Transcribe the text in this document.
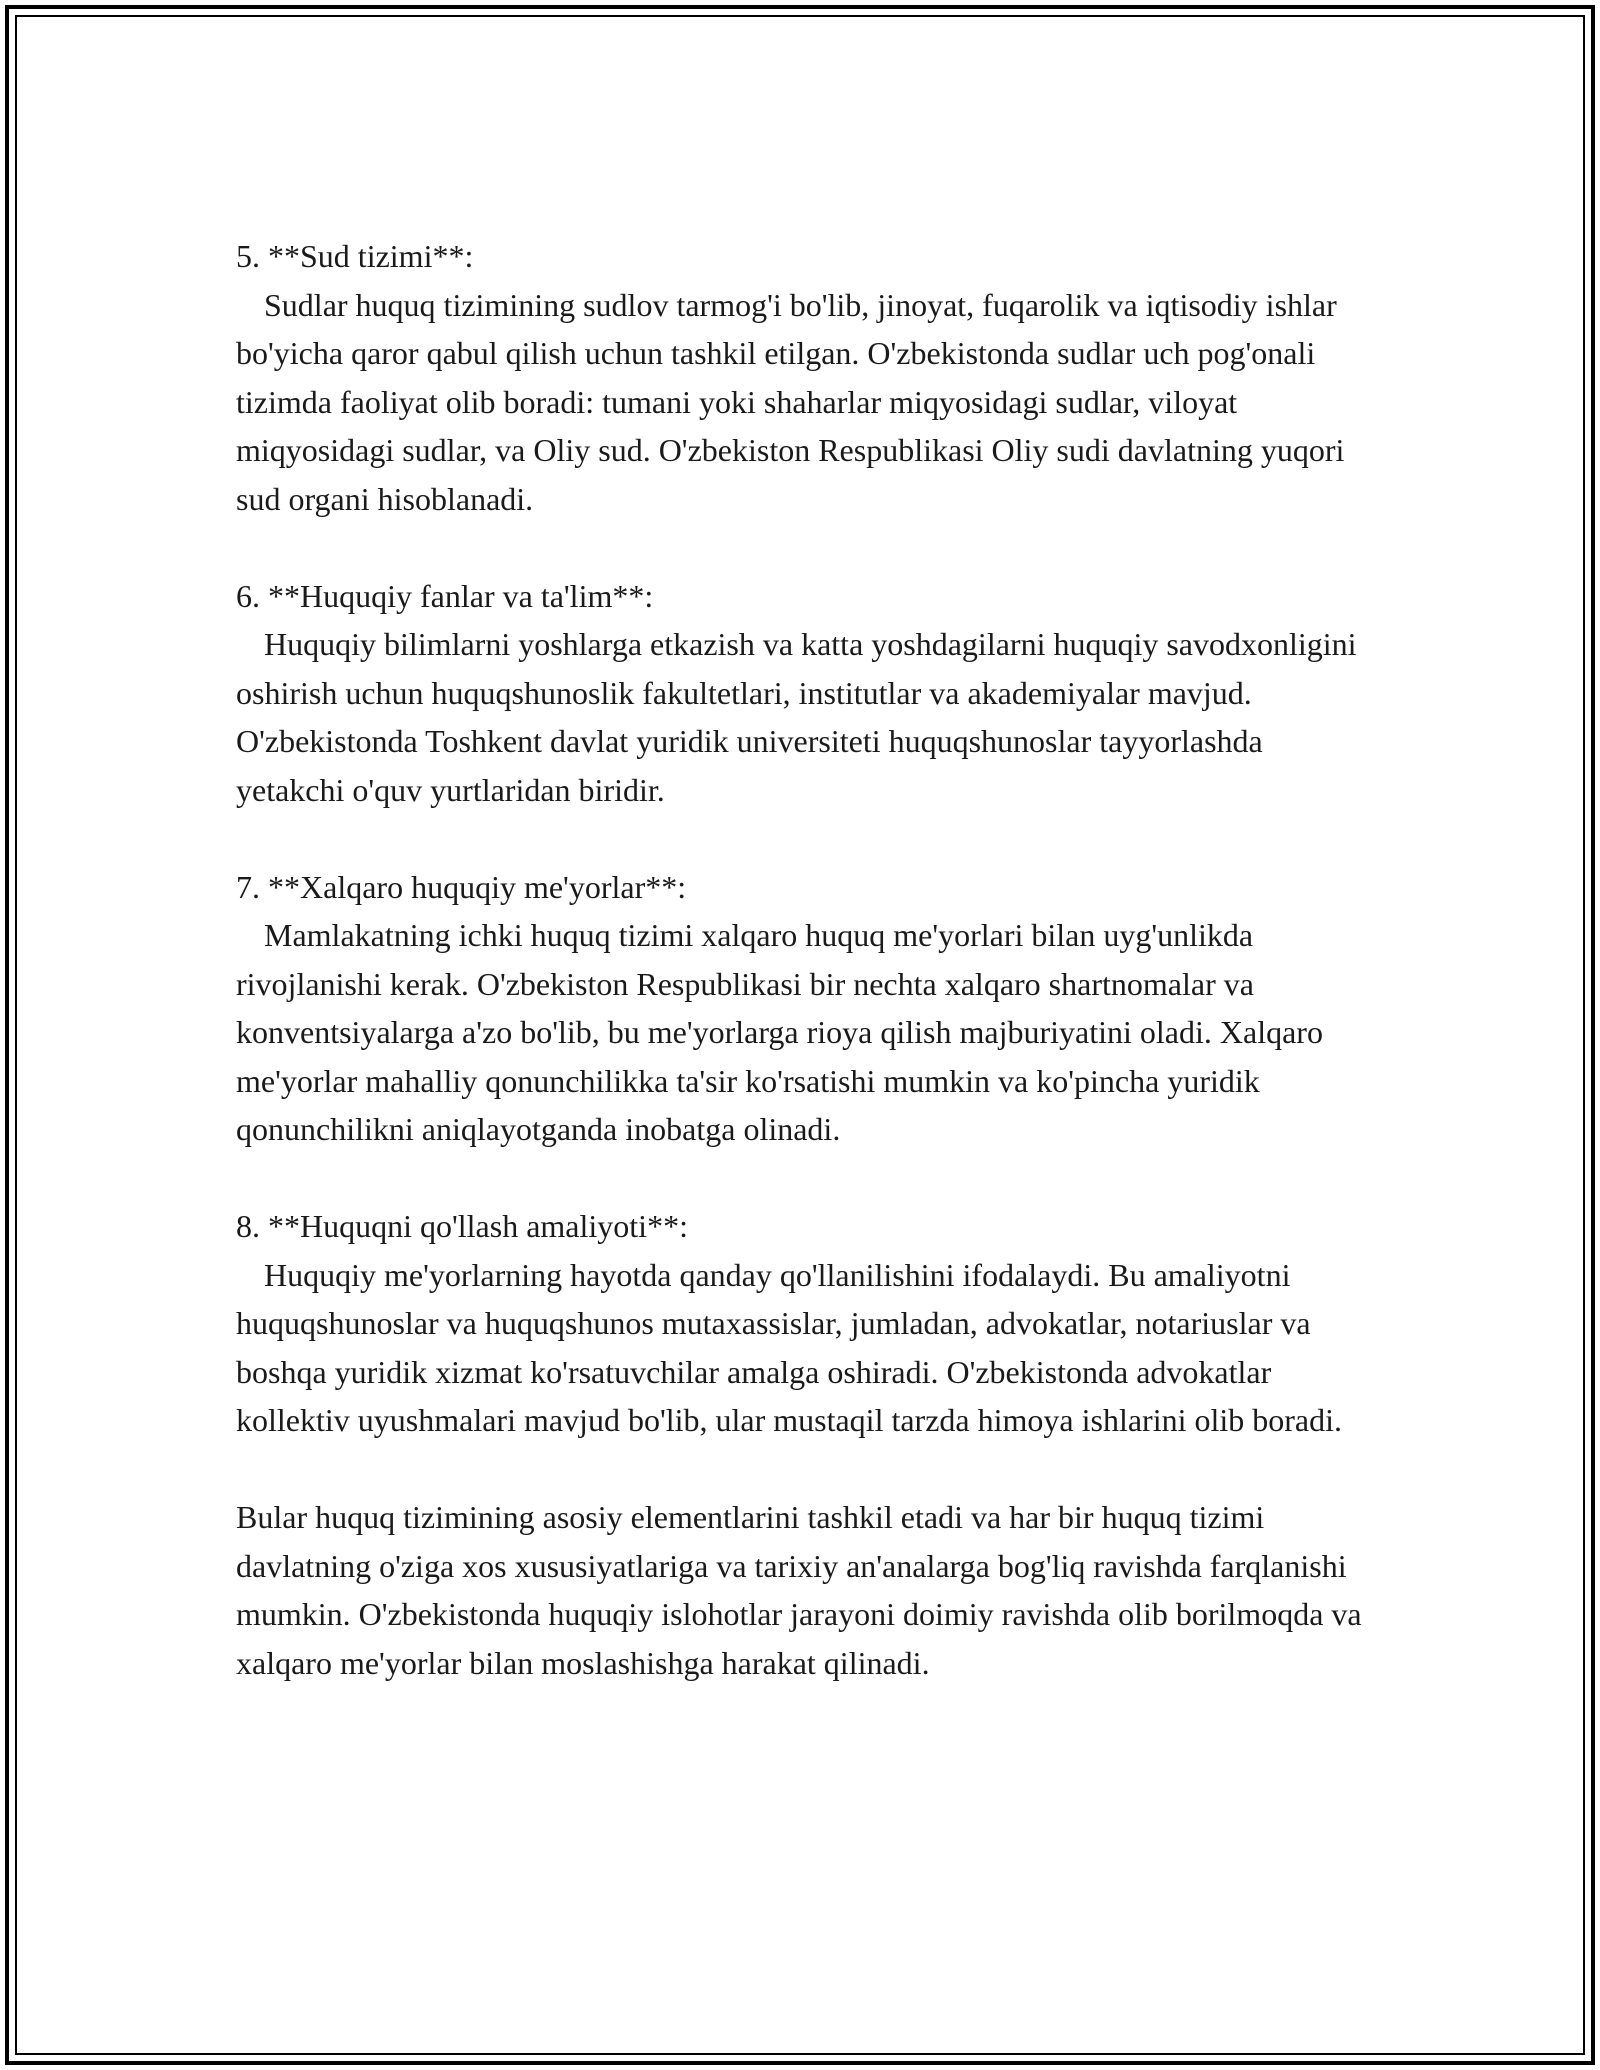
5. **Sud tizimi**:
Sudlar huquq tizimining sudlov tarmog'i bo'lib, jinoyat, fuqarolik va iqtisodiy ishlar bo'yicha qaror qabul qilish uchun tashkil etilgan. O'zbekistonda sudlar uch pog'onali tizimda faoliyat olib boradi: tumani yoki shaharlar miqyosidagi sudlar, viloyat miqyosidagi sudlar, va Oliy sud. O'zbekiston Respublikasi Oliy sudi davlatning yuqori sud organi hisoblanadi.
6. **Huquqiy fanlar va ta'lim**:
Huquqiy bilimlarni yoshlarga etkazish va katta yoshdagilarni huquqiy savodxonligini oshirish uchun huquqshunoslik fakultetlari, institutlar va akademiyalar mavjud. O'zbekistonda Toshkent davlat yuridik universiteti huquqshunoslar tayyorlashda yetakchi o'quv yurtlaridan biridir.
7. **Xalqaro huquqiy me'yorlar**:
Mamlakatning ichki huquq tizimi xalqaro huquq me'yorlari bilan uyg'unlikda rivojlanishi kerak. O'zbekiston Respublikasi bir nechta xalqaro shartnomalar va konventsiyalarga a'zo bo'lib, bu me'yorlarga rioya qilish majburiyatini oladi. Xalqaro me'yorlar mahalliy qonunchilikka ta'sir ko'rsatishi mumkin va ko'pincha yuridik qonunchilikni aniqlayotganda inobatga olinadi.
8. **Huquqni qo'llash amaliyoti**:
Huquqiy me'yorlarning hayotda qanday qo'llanilishini ifodalaydi. Bu amaliyotni huquqshunoslar va huquqshunos mutaxassislar, jumladan, advokatlar, notariuslar va boshqa yuridik xizmat ko'rsatuvchilar amalga oshiradi. O'zbekistonda advokatlar kollektiv uyushmalari mavjud bo'lib, ular mustaqil tarzda himoya ishlarini olib boradi.
Bular huquq tizimining asosiy elementlarini tashkil etadi va har bir huquq tizimi davlatning o'ziga xos xususiyatlariga va tarixiy an'analarga bog'liq ravishda farqlanishi mumkin. O'zbekistonda huquqiy islohotlar jarayoni doimiy ravishda olib borilmoqda va xalqaro me'yorlar bilan moslashishga harakat qilinadi.
